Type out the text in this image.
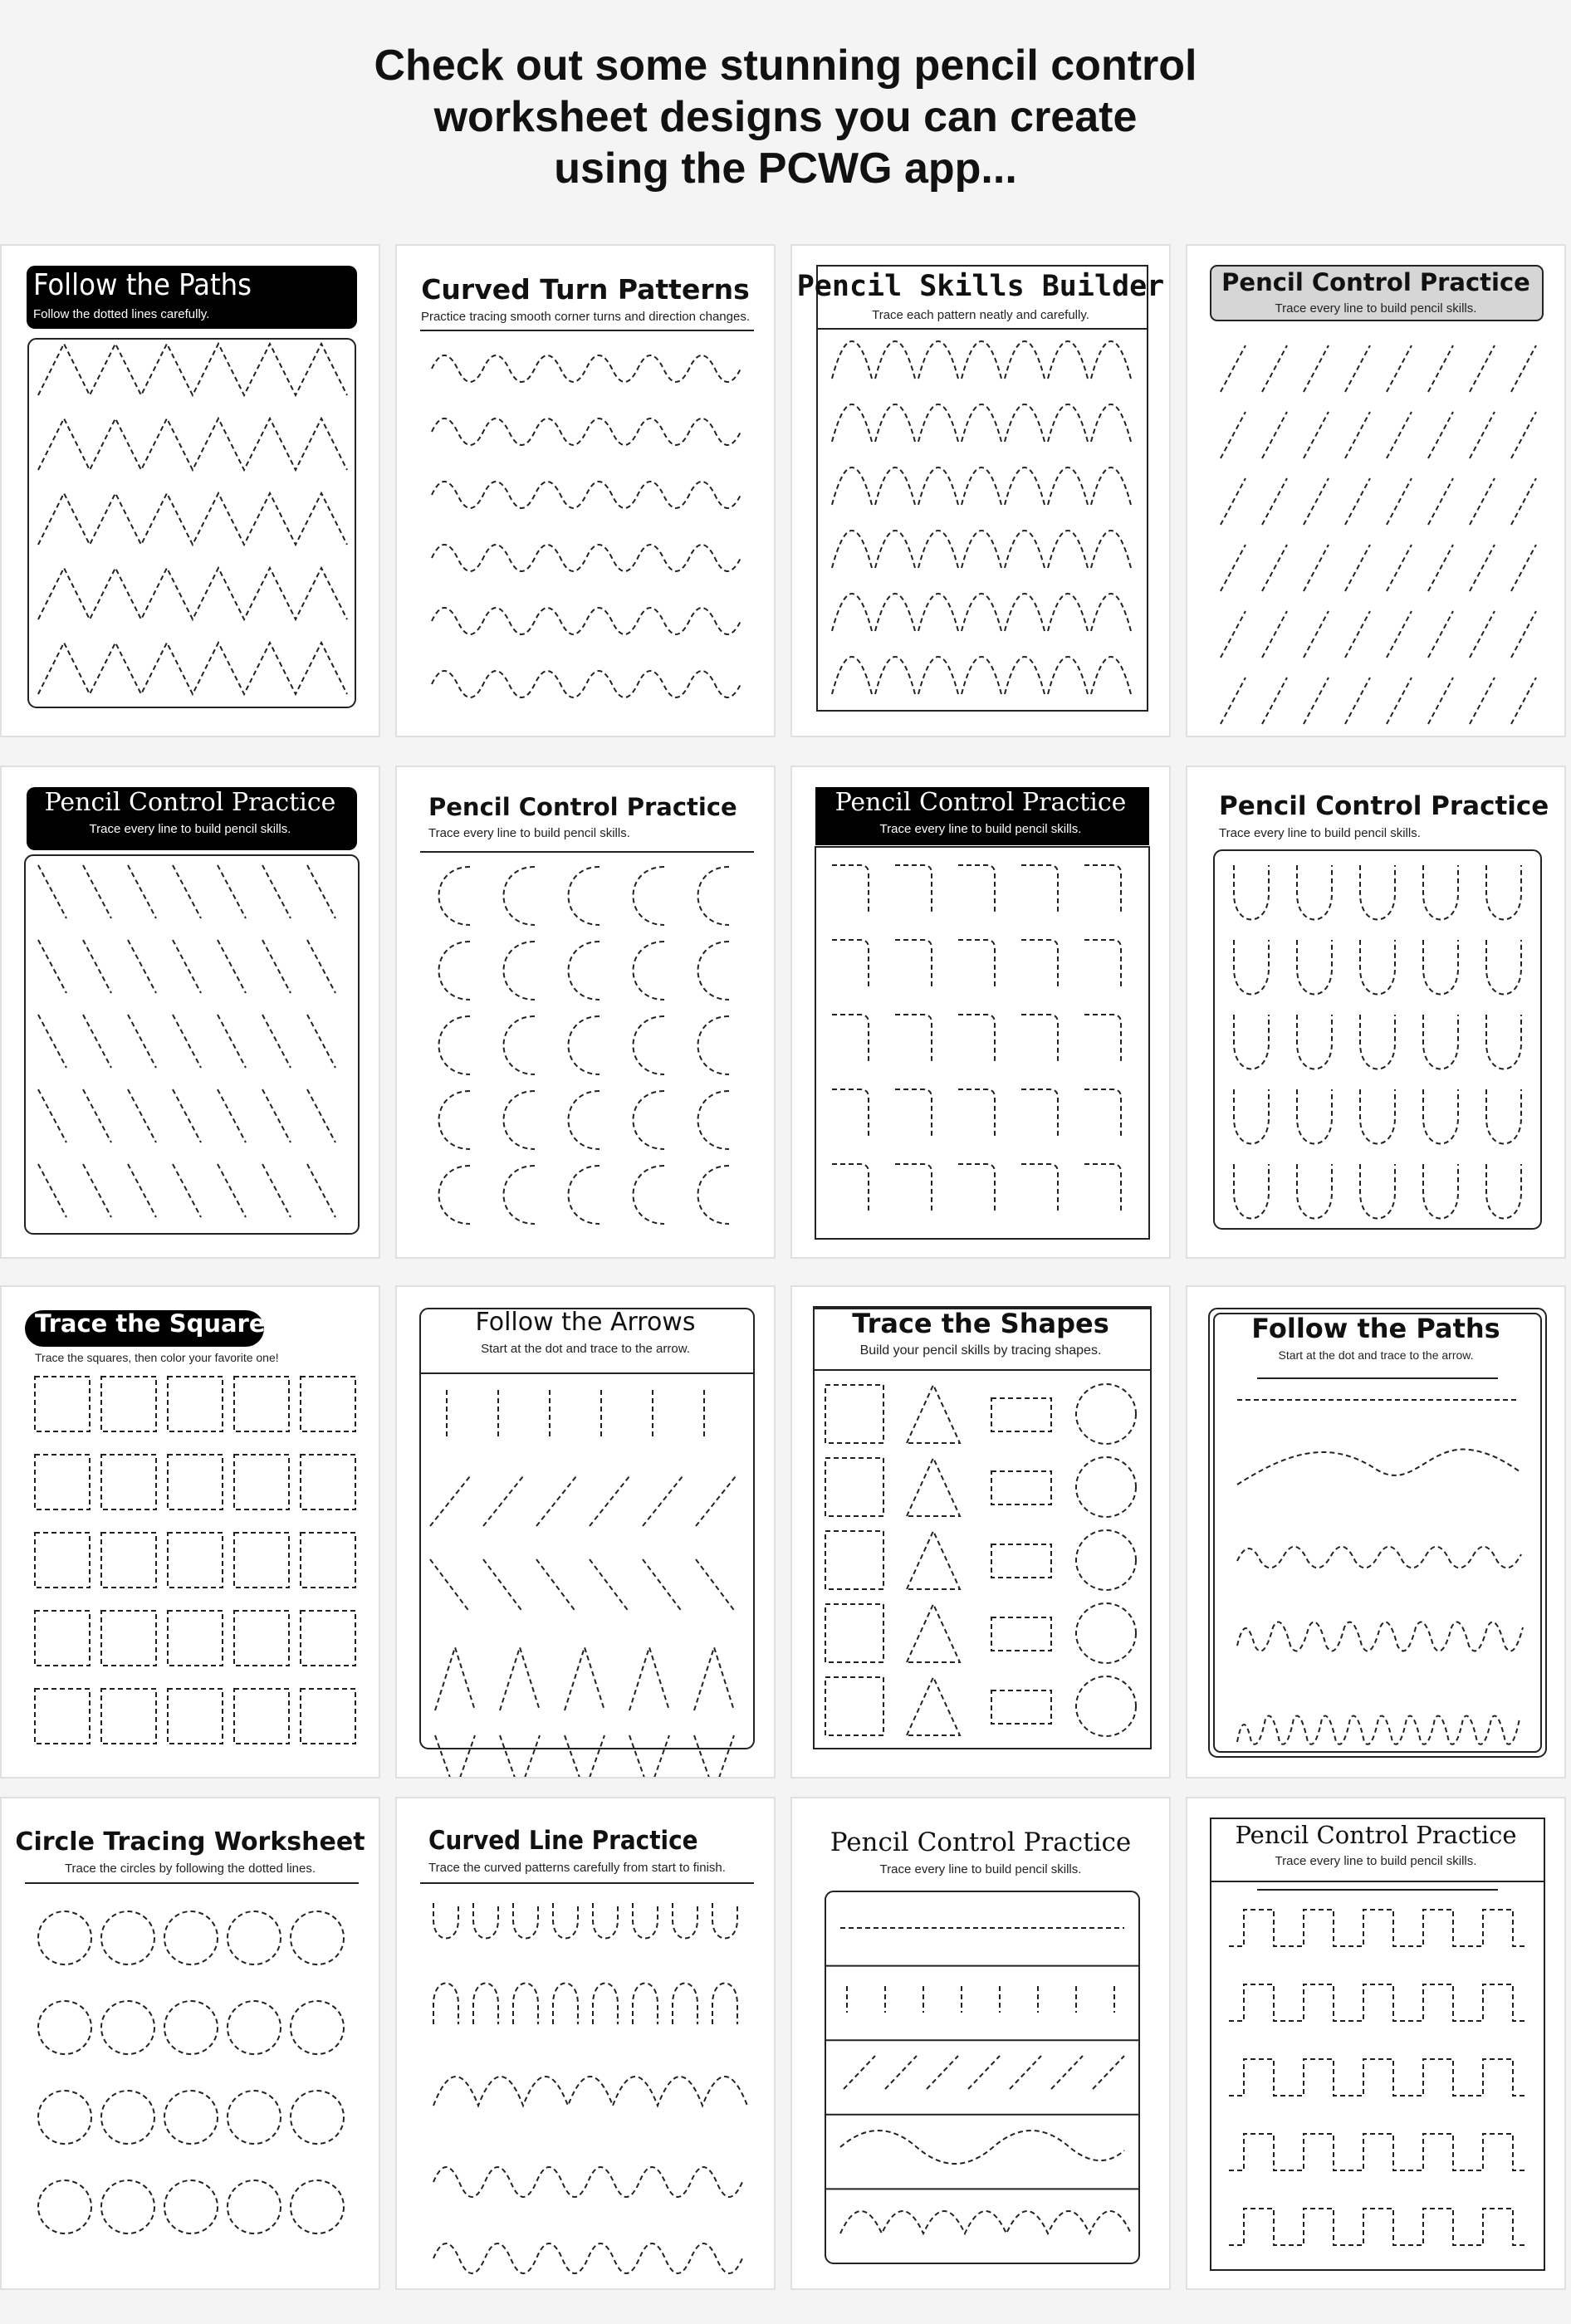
Check out some stunning pencil control
worksheet designs you can create
using the PCWG app...
Follow the Paths
Follow the dotted lines carefully.
Curved Turn Patterns
Practice tracing smooth corner turns and direction changes.
Pencil Skills Builder
Trace each pattern neatly and carefully.
Pencil Control Practice
Trace every line to build pencil skills.
Pencil Control Practice
Trace every line to build pencil skills.
Pencil Control Practice
Trace every line to build pencil skills.
Pencil Control Practice
Trace every line to build pencil skills.
Pencil Control Practice
Trace every line to build pencil skills.
Trace the Squares
Trace the squares, then color your favorite one!
Follow the Arrows
Start at the dot and trace to the arrow.
Trace the Shapes
Build your pencil skills by tracing shapes.
Follow the Paths
Start at the dot and trace to the arrow.
Circle Tracing Worksheet
Trace the circles by following the dotted lines.
Curved Line Practice
Trace the curved patterns carefully from start to finish.
Pencil Control Practice
Trace every line to build pencil skills.
Pencil Control Practice
Trace every line to build pencil skills.
